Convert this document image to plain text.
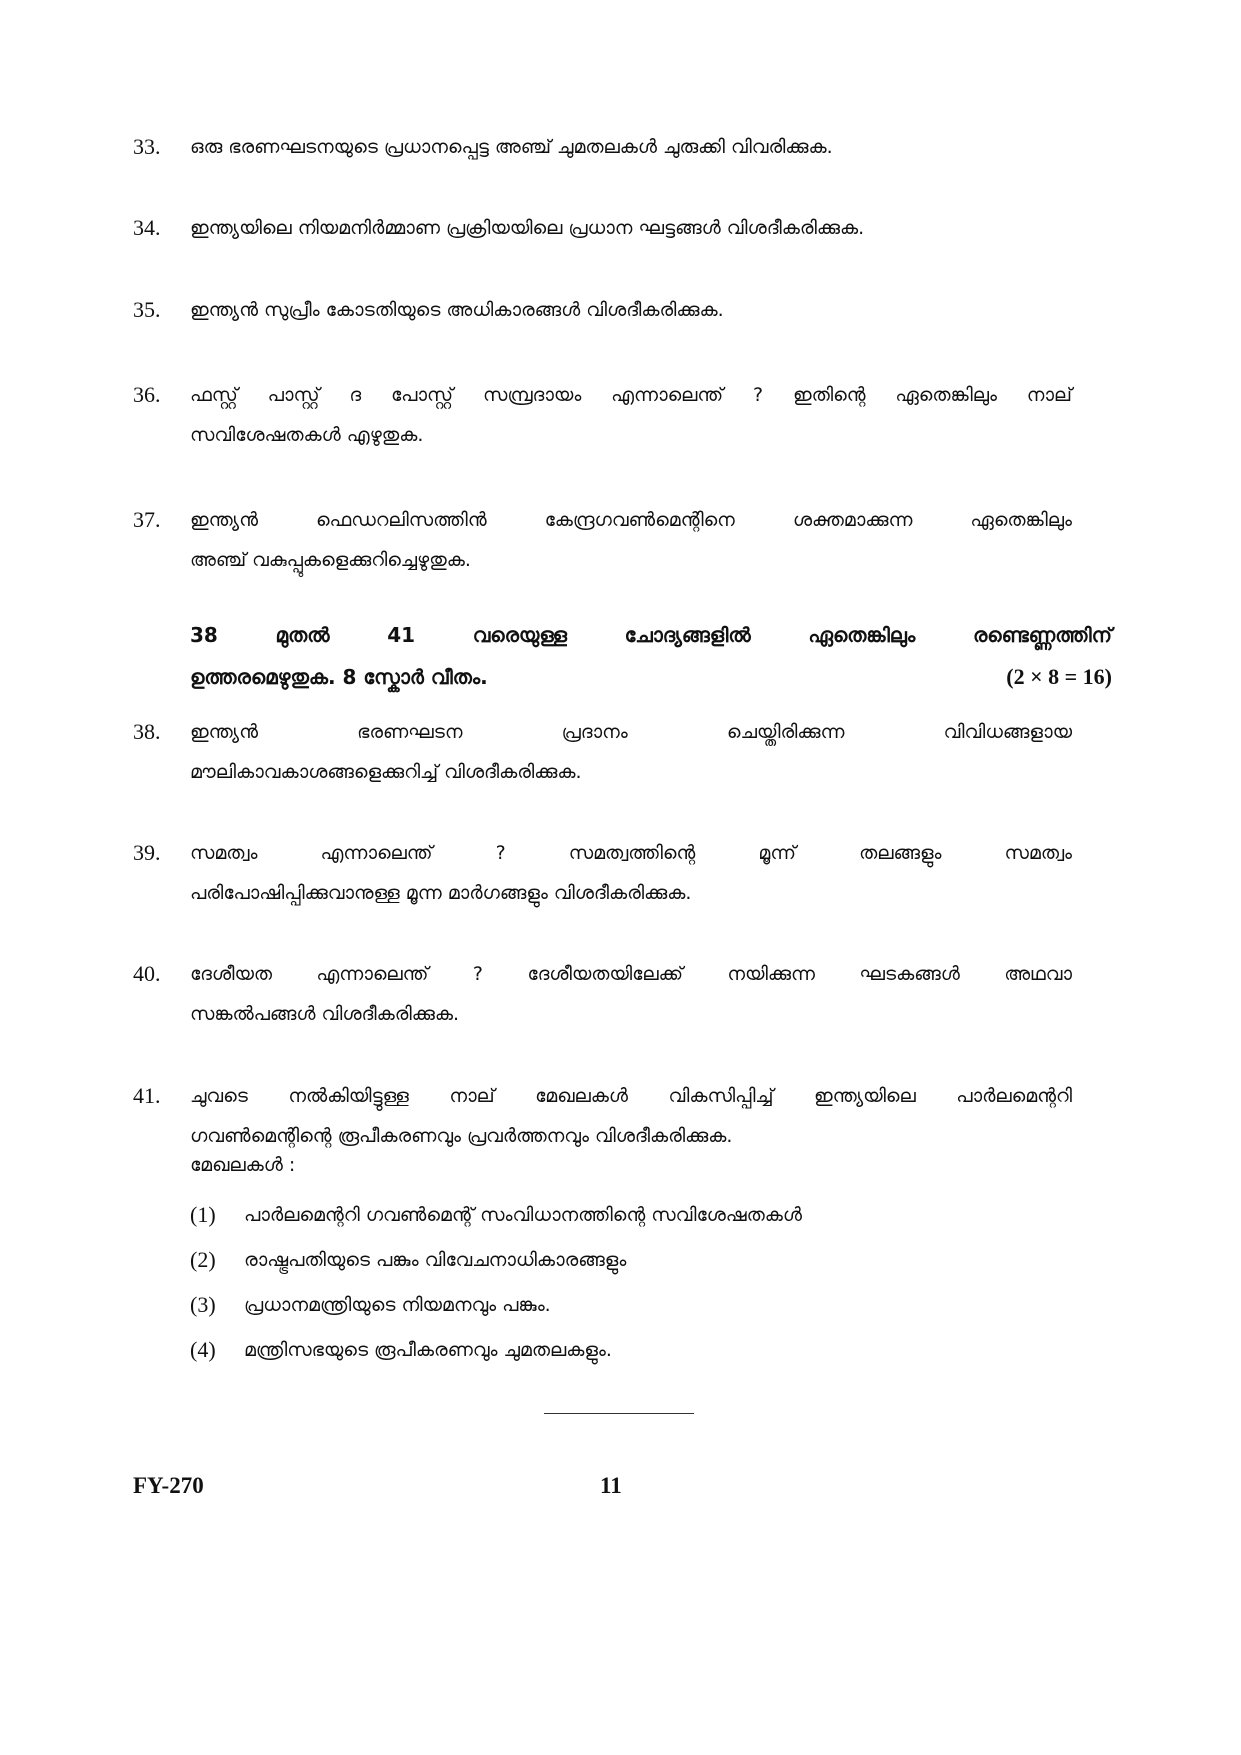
33. ഒരു ഭരണഘടനയുടെ പ്രധാനപ്പെട്ട അഞ്ച് ചുമതലകൾ ചുരുക്കി വിവരിക്കുക.
34. ഇന്ത്യയിലെ നിയമനിർമ്മാണ പ്രക്രിയയിലെ പ്രധാന ഘട്ടങ്ങൾ വിശദീകരിക്കുക.
35. ഇന്ത്യൻ സുപ്രീം കോടതിയുടെ അധികാരങ്ങൾ വിശദീകരിക്കുക.
36. ഫസ്റ്റ് പാസ്റ്റ് ദ പോസ്റ്റ് സമ്പ്രദായം എന്നാലെന്ത് ? ഇതിന്റെ ഏതെങ്കിലും നാല്
സവിശേഷതകൾ എഴുതുക.
37. ഇന്ത്യൻ ഫെഡറലിസത്തിൻ കേന്ദ്രഗവൺമെന്റിനെ ശക്തമാക്കുന്ന ഏതെങ്കിലും
അഞ്ച് വകുപ്പുകളെക്കുറിച്ചെഴുതുക.
38 മുതൽ 41 വരെയുള്ള ചോദ്യങ്ങളിൽ ഏതെങ്കിലും രണ്ടെണ്ണത്തിന്
ഉത്തരമെഴുതുക. 8 സ്കോർ വീതം.	(2 × 8 = 16)
38. ഇന്ത്യൻ ഭരണഘടന പ്രദാനം ചെയ്തിരിക്കുന്ന വിവിധങ്ങളായ
മൗലികാവകാശങ്ങളെക്കുറിച്ച് വിശദീകരിക്കുക.
39. സമത്വം എന്നാലെന്ത് ? സമത്വത്തിന്റെ മൂന്ന് തലങ്ങളും സമത്വം
പരിപോഷിപ്പിക്കുവാനുള്ള മൂന്ന മാർഗങ്ങളും വിശദീകരിക്കുക.
40. ദേശീയത എന്നാലെന്ത് ? ദേശീയതയിലേക്ക് നയിക്കുന്ന ഘടകങ്ങൾ അഥവാ
സങ്കൽപങ്ങൾ വിശദീകരിക്കുക.
41. ചുവടെ നൽകിയിട്ടുള്ള നാല് മേഖലകൾ വികസിപ്പിച്ച് ഇന്ത്യയിലെ പാർലമെന്ററി
ഗവൺമെന്റിന്റെ രൂപീകരണവും പ്രവർത്തനവും വിശദീകരിക്കുക.
മേഖലകൾ :
(1) പാർലമെന്ററി ഗവൺമെന്റ് സംവിധാനത്തിന്റെ സവിശേഷതകൾ
(2) രാഷ്ട്രപതിയുടെ പങ്കും വിവേചനാധികാരങ്ങളും
(3) പ്രധാനമന്ത്രിയുടെ നിയമനവും പങ്കും.
(4) മന്ത്രിസഭയുടെ രൂപീകരണവും ചുമതലകളും.
FY-270	11
